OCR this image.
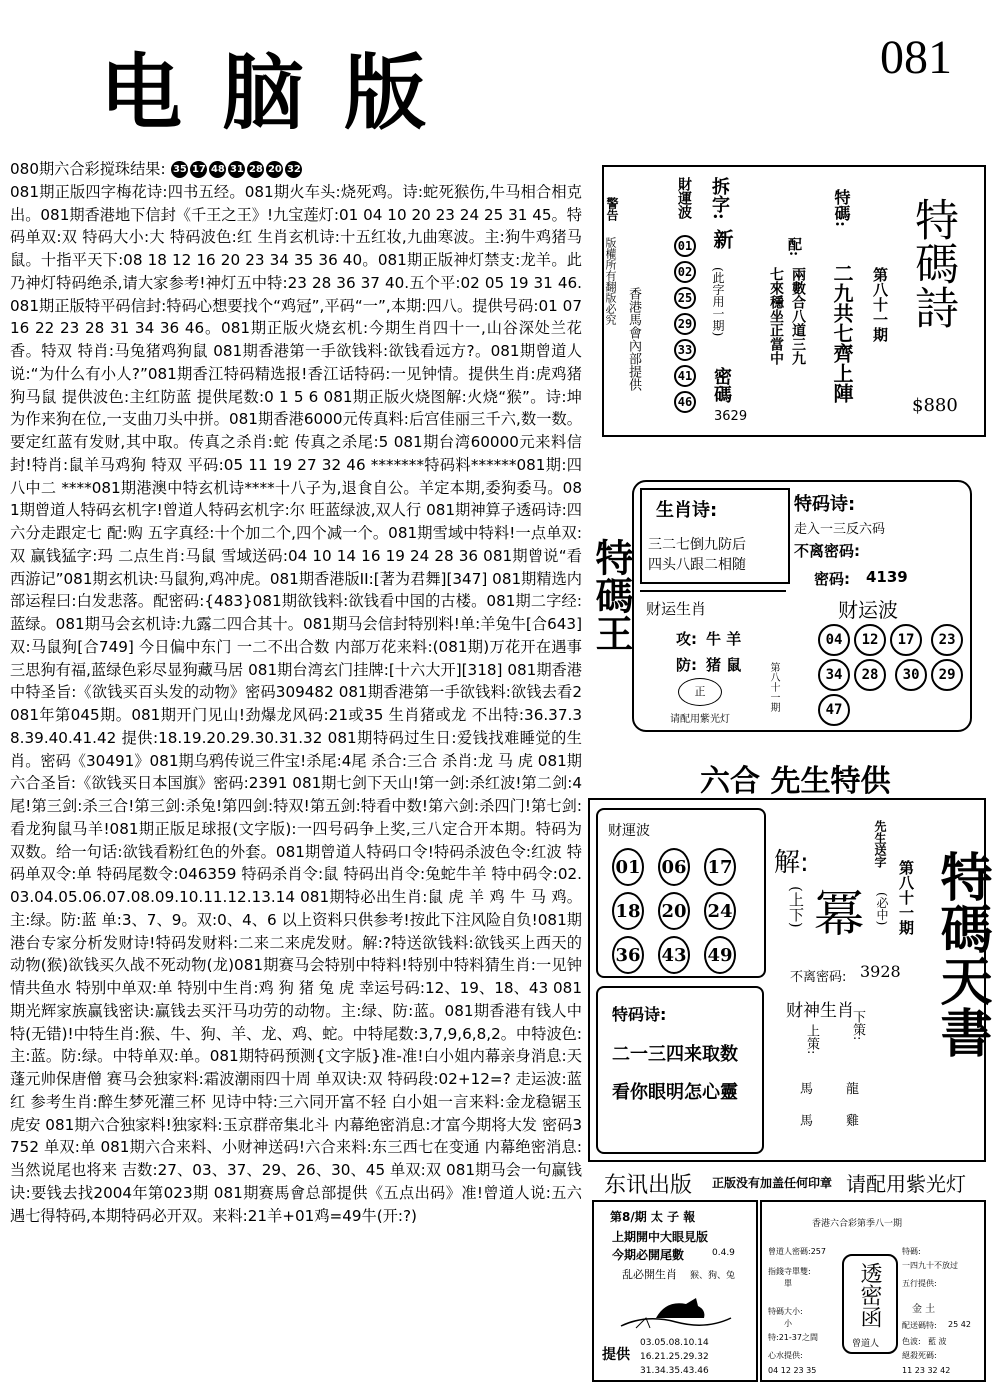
电脑版	081

080期六合彩搅珠结果: 35 17 48 31 28 20 32

081期正版四字梅花诗:四书五经。081期火车头:烧死鸡。诗:蛇死猴伤,牛马相合相克出。081期香港地下信封《千王之王》!九宝莲灯:01 04 10 20 23 24 25 31 45。特码单双:双 特码大小:大 特码波色:红 生肖玄机诗:十五红妆,九曲寒波。主:狗牛鸡猪马鼠。十指平天下:08 18 12 16 20 23 34 35 36 40。081期正版神灯禁支:龙羊。此乃神灯特码绝杀,请大家参考!神灯五中特:23 28 36 37 40.五个平:02 05 19 31 46.081期正版特平码信封:特码心想要找个“鸡冠”,平码“一”,本期:四八。提供号码:01 07 16 22 23 28 31 34 36 46。081期正版火烧玄机:今期生肖四十一,山谷深处兰花香。特双 特肖:马兔猪鸡狗鼠 081期香港第一手欲钱料:欲钱看远方?。081期曾道人说:“为什么有小人?”081期香江特码精选报!香江话特码:一见钟情。提供生肖:虎鸡猪狗马鼠 提供波色:主红防蓝 提供尾数:0 1 5 6 081期正版火烧图解:火烧“猴”。诗:坤为作来狗在位,一支曲刀头中拼。081期香港6000元传真料:后宫佳丽三千六,数一数。要定红蓝有发财,其中取。传真之杀肖:蛇 传真之杀尾:5 081期台湾60000元来料信封!特肖:鼠羊马鸡狗 特双 平码:05 11 19 27 32 46 *******特码料******081期:四八中二 ****081期港澳中特玄机诗****十八子为,退食自公。羊定本期,委狗委马。081期曾道人特码玄机字!曾道人特码玄机字:尔 旺蓝绿波,双人行 081期神算子透码诗:四六分走跟定七 配:购 五字真经:十个加二个,四个减一个。081期雪域中特料!一点单双:双 赢钱猛字:玛 二点生肖:马鼠 雪域送码:04 10 14 16 19 24 28 36 081期曾说“看西游记”081期玄机诀:马鼠狗,鸡冲虎。081期香港版II:[著为君舞][347] 081期精选内部运程曰:白发悲落。配密码:{483}081期欲钱料:欲钱看中国的古楼。081期二字经:蓝绿。081期马会玄机诗:九露二四合其十。081期马会信封特别料!单:羊兔牛[合643] 双:马鼠狗[合749] 今日偏中东门 一二不出合数 内部万花来料:(081期)万花开在遇事三思狗有福,蓝绿色彩尽显狗藏马居 081期台湾玄门挂牌:[十六大开][318] 081期香港中特圣旨:《欲钱买百头发的动物》密码309482 081期香港第一手欲钱料:欲钱去看2081年第045期。081期开门见山!劲爆龙风码:21或35 生肖猪或龙 不出特:36.37.38.39.40.41.42 提供:18.19.20.29.30.31.32 081期特码过生日:爱钱找难睡觉的生肖。密码《30491》081期乌鸦传说三件宝!杀尾:4尾 杀合:三合 杀肖:龙 马 虎 081期六合圣旨:《欲钱买日本国旗》密码:2391 081期七剑下天山!第一剑:杀红波!第二剑:4尾!第三剑:杀三合!第三剑:杀兔!第四剑:特双!第五剑:特看中数!第六剑:杀四门!第七剑:看龙狗鼠马羊!081期正版足球报(文字版):一四号码争上奖,三八定合开本期。特码为双数。给一句话:欲钱看粉红色的外套。081期曾道人特码口令!特码杀波色令:红波 特码单双令:单 特码尾数令:046359 特码杀肖令:鼠 特码出肖令:兔蛇牛羊 特中码令:02.03.04.05.06.07.08.09.10.11.12.13.14 081期特必出生肖:鼠 虎 羊 鸡 牛 马 鸡。主:绿。防:蓝 单:3、7、9。双:0、4、6 以上资料只供参考!按此下注风险自负!081期港台专家分析发财诗!特码发财料:二来二来虎发财。解:?特送欲钱料:欲钱买上西天的动物(猴)欲钱买久战不死动物(龙)081期赛马会特别中特料!特别中特料猜生肖:一见钟情共鱼水 特别中单双:单 特别中生肖:鸡 狗 猪 兔 虎 幸运号码:12、19、18、43 081期光辉家族赢钱密诀:赢钱去买汗马功劳的动物。主:绿、防:蓝。081期香港有钱人中特(无错)!中特生肖:猴、牛、狗、羊、龙、鸡、蛇。中特尾数:3,7,9,6,8,2。中特波色:主:蓝。防:绿。中特单双:单。081期特码预测{文字版}准-准!白小姐内幕亲身消息:天蓬元帅保唐僧 赛马会独家料:霜波潮雨四十周 单双诀:双 特码段:02+12=? 走运波:蓝 红 参考生肖:醉生梦死灌三杯 见诗中特:三六同开富不轻 白小姐一言来料:金龙稳锯玉虎安 081期六合独家料!独家料:玉京群帝集北斗 内幕绝密消息:才富今期将大发 密码3752 单双:单 081期六合来料、小财神送码!六合来料:东三西七在变通 内幕绝密消息:当然说尾也将来 吉数:27、03、37、29、26、30、45 单双:双 081期马会一句赢钱诀:要钱去找2004年第023期 081期赛馬會总部提供《五点出码》准!曾道人说:五六遇七得特码,本期特码必开双。来料:21羊+01鸡=49牛(开:?)

警告
版權所有翻版必究
香港馬會內部提供
財運波
01 02 25 29 33 41 46
拆字:
新
(此字用一期)
密碼
3629
七來穩坐正當中 兩數合八道三九
配:
特碼:
二九共七齊上陣 第八十一期 特碼詩
$880
特碼王
生肖诗:
三二七倒九防后
四头八跟二相随
特码诗:
走入一三反六码
不离密码:
密码: 4139
财运生肖
攻: 牛 羊
防: 猪 鼠
正
请配用紫光灯
第八十一期
财运波
04 12 17 2334 28 30 2947
六合 先生特供
财運波
01 06 17 18 20 24 36 43 49
解:
(上下) 冪
先生送字
(必中)
不离密码: 3928
第八十一期 特碼天書
特码诗:
二一三四来取数
看你眼明怎心靈
财神生肖
上策: 下策:
馬
馬
龍
雞
东讯出版 正版没有加盖任何印章 请配用紫光灯
第8/期 太 子 報
上期開中大眼見版
今期必開尾數	0.4.9
乱必開生肖 猴、狗、兔
提供
03.05.08.10.14
16.21.25.29.32
31.34.35.43.46
香港六合彩第季八一期
曾道人密碼:257
指錢寺單雙:
單
特碼大小:
小
特:21-37之間
心水提供:
04 12 23 35
透密函
曾道人
特碼:
一四九十不放过
五行提供:
金 土
配送碼特: 25 42
色波: 藍 波
絕殺死碼:
11 23 32 42
